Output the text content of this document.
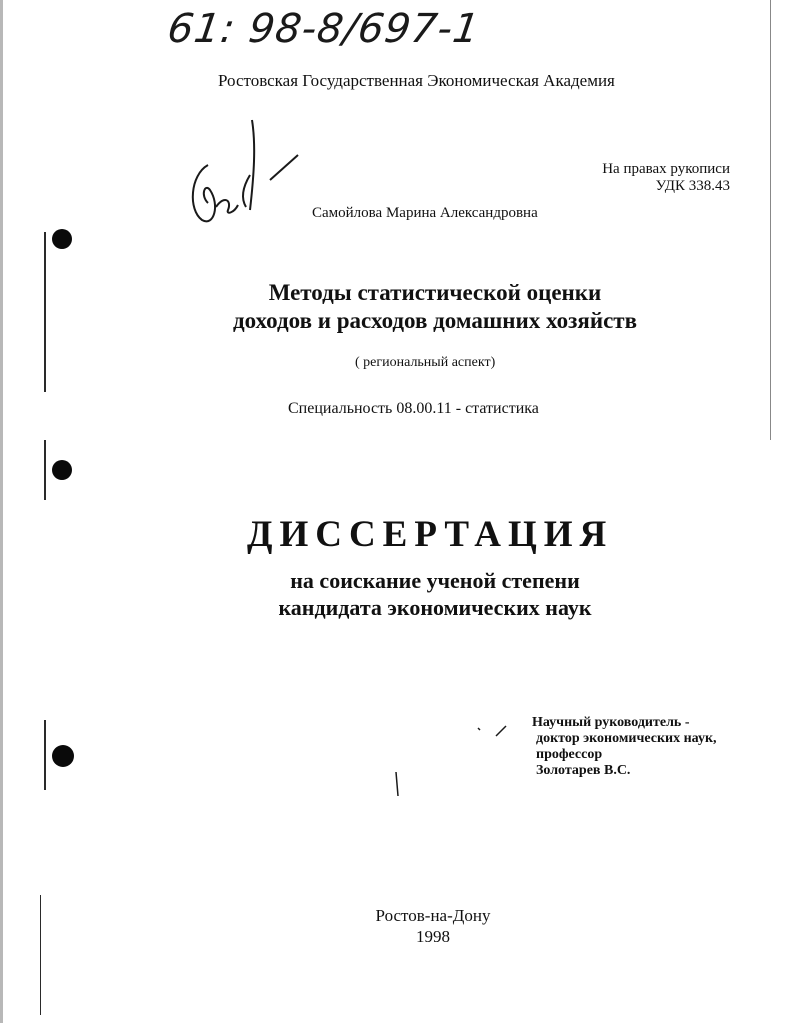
61: 98-8/697-1
Ростовская Государственная Экономическая Академия
На правах рукописи
УДК 338.43
Самойлова Марина Александровна
Методы статистической оценки
доходов и расходов домашних хозяйств
( региональный аспект)
Специальность 08.00.11 - статистика
ДИССЕРТАЦИЯ
на соискание ученой степени
кандидата экономических наук
Научный руководитель -
доктор экономических наук,
профессор
Золотарев В.С.
Ростов-на-Дону
1998
